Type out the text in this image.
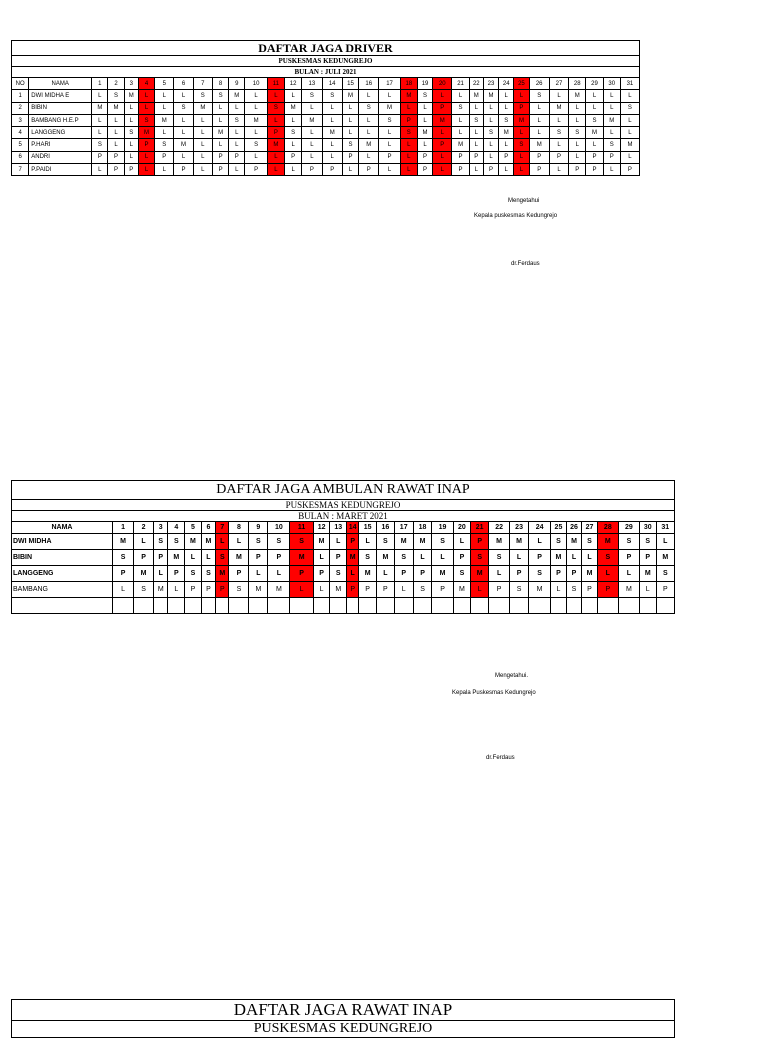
DAFTAR JAGA DRIVER																																
PUSKESMAS KEDUNGREJO																																
BULAN : JULI 2021																																
NO	NAMA	1	2	3	4	5	6	7	8	9	10	11	12	13	14	15	16	17	18	19	20	21	22	23	24	25	26	27	28	29	30	31
1	DWI MIDHA E	L	S	M	L	L	L	S	S	M	L	L	L	S	S	M	L	L	M	S	L	L	M	M	L	L	S	L	M	L	L	L
2	BIBIN	M	M	L	L	L	S	M	L	L	L	S	M	L	L	L	S	M	L	L	P	S	L	L	L	P	L	M	L	L	L	S
3	BAMBANG H.E.P	L	L	L	S	M	L	L	L	S	M	L	L	M	L	L	L	S	P	L	M	L	S	L	S	M	L	L	L	S	M	L
4	LANGGENG	L	L	S	M	L	L	L	M	L	L	P	S	L	M	L	L	L	S	M	L	L	L	S	M	L	L	S	S	M	L	L
5	P.HARI	S	L	L	P	S	M	L	L	L	S	M	L	L	L	S	M	L	L	L	P	M	L	L	L	S	M	L	L	L	S	M
6	ANDRI	P	P	L	L	P	L	L	P	P	L	L	P	L	L	P	L	P	L	P	L	P	P	L	P	L	P	P	L	P	P	L
7	P.PAIDI	L	P	P	L	L	P	L	P	L	P	L	L	P	P	L	P	L	L	P	L	P	L	P	L	L	P	L	P	P	L	P
Mengetahui
Kepala puskesmas Kedungrejo
dr.Ferdaus
DAFTAR JAGA AMBULAN RAWAT INAP																															
PUSKESMAS KEDUNGREJO																															
BULAN : MARET 2021																															
NAMA	1	2	3	4	5	6	7	8	9	10	11	12	13	14	15	16	17	18	19	20	21	22	23	24	25	26	27	28	29	30	31
DWI MIDHA	M	L	S	S	M	M	L	L	S	S	S	M	L	P	L	S	M	M	S	L	P	M	M	L	S	M	S	M	S	S	L
BIBIN	S	P	P	M	L	L	S	M	P	P	M	L	P	M	S	M	S	L	L	P	S	S	L	P	M	L	L	S	P	P	M
LANGGENG	P	M	L	P	S	S	M	P	L	L	P	P	S	L	M	L	P	P	M	S	M	L	P	S	P	P	M	L	L	M	S
BAMBANG	L	S	M	L	P	P	P	S	M	M	L	L	M	P	P	P	L	S	P	M	L	P	S	M	L	S	P	P	M	L	P

Mengetahui.
Kepala Puskesmas Kedungrejo
dr.Ferdaus
DAFTAR JAGA RAWAT INAP
PUSKESMAS KEDUNGREJO
